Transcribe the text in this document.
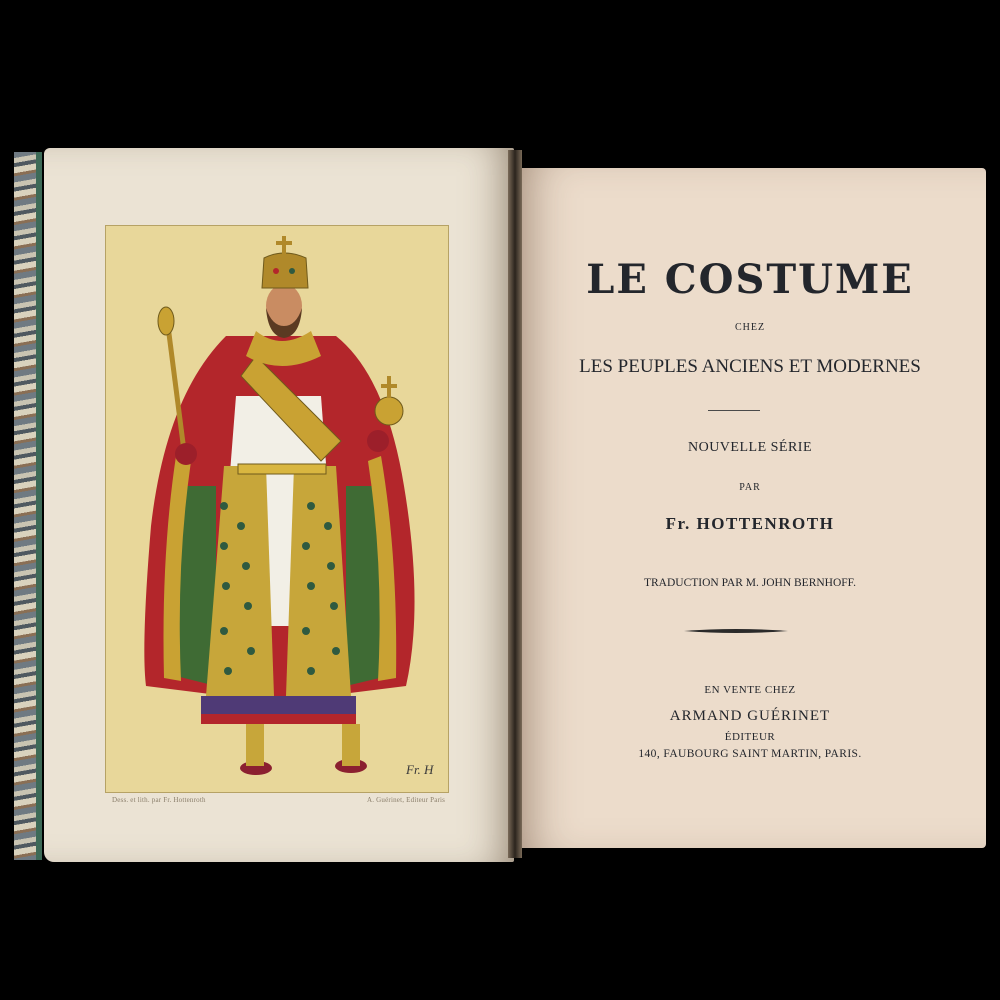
Fr. H
Dess. et lith. par Fr. Hottenroth	A. Guérinet, Editeur Paris
LE COSTUME
CHEZ
LES PEUPLES ANCIENS ET MODERNES
NOUVELLE SÉRIE
PAR
Fr. HOTTENROTH
TRADUCTION PAR M. JOHN BERNHOFF.
EN VENTE CHEZ
ARMAND GUÉRINET
ÉDITEUR
140, FAUBOURG SAINT MARTIN, PARIS.
